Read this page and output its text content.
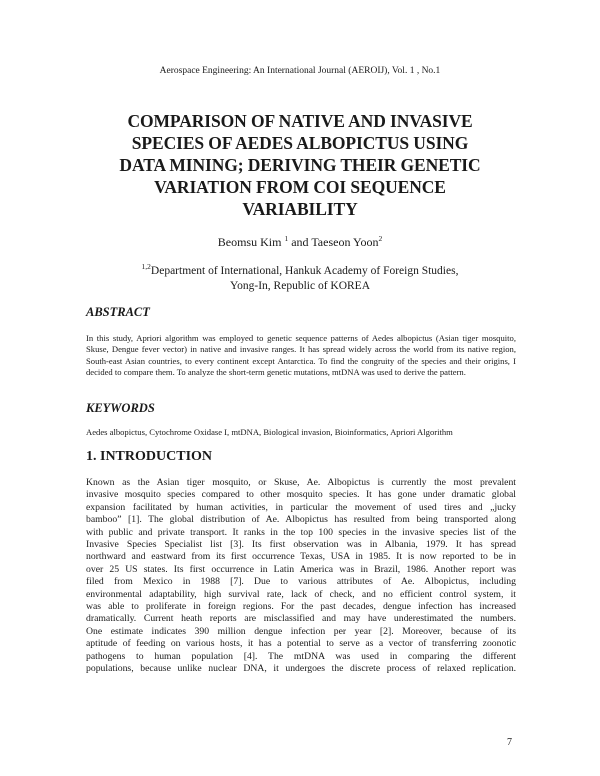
Aerospace Engineering: An International Journal (AEROIJ), Vol. 1 , No.1
COMPARISON OF NATIVE AND INVASIVE
SPECIES OF AEDES ALBOPICTUS USING
DATA MINING; DERIVING THEIR GENETIC
VARIATION FROM COI SEQUENCE
VARIABILITY
Beomsu Kim $^1$ and Taeseon Yoon$^2$
$^{1,2}$Department of International, Hankuk Academy of Foreign Studies,
Yong-In, Republic of KOREA
ABSTRACT
In this study, Apriori algorithm was employed to genetic sequence patterns of Aedes albopictus (Asian tiger mosquito, Skuse, Dengue fever vector) in native and invasive ranges. It has spread widely across the world from its native region, South-east Asian countries, to every continent except Antarctica. To find the congruity of the species and their origins, I decided to compare them. To analyze the short-term genetic mutations, mtDNA was used to derive the pattern.
KEYWORDS
Aedes albopictus, Cytochrome Oxidase I, mtDNA, Biological invasion, Bioinformatics, Apriori Algorithm
1. INTRODUCTION
Known as the Asian tiger mosquito, or Skuse, Ae. Albopictus is currently the most prevalent
invasive mosquito species compared to other mosquito species. It has gone under dramatic global
expansion facilitated by human activities, in particular the movement of used tires and „jucky
bamboo” [1]. The global distribution of Ae. Albopictus has resulted from being transported along
with public and private transport. It ranks in the top 100 species in the invasive species list of the
Invasive Species Specialist list [3]. Its first observation was in Albania, 1979. It has spread
northward and eastward from its first occurrence Texas, USA in 1985. It is now reported to be in
over 25 US states. Its first occurrence in Latin America was in Brazil, 1986. Another report was
filed from Mexico in 1988 [7]. Due to various attributes of Ae. Albopictus, including
environmental adaptability, high survival rate, lack of check, and no efficient control system, it
was able to proliferate in foreign regions. For the past decades, dengue infection has increased
dramatically. Current heath reports are misclassified and may have underestimated the numbers.
One estimate indicates 390 million dengue infection per year [2]. Moreover, because of its
aptitude of feeding on various hosts, it has a potential to serve as a vector of transferring zoonotic
pathogens to human population [4]. The mtDNA was used in comparing the different
populations, because unlike nuclear DNA, it undergoes the discrete process of relaxed replication.
7
